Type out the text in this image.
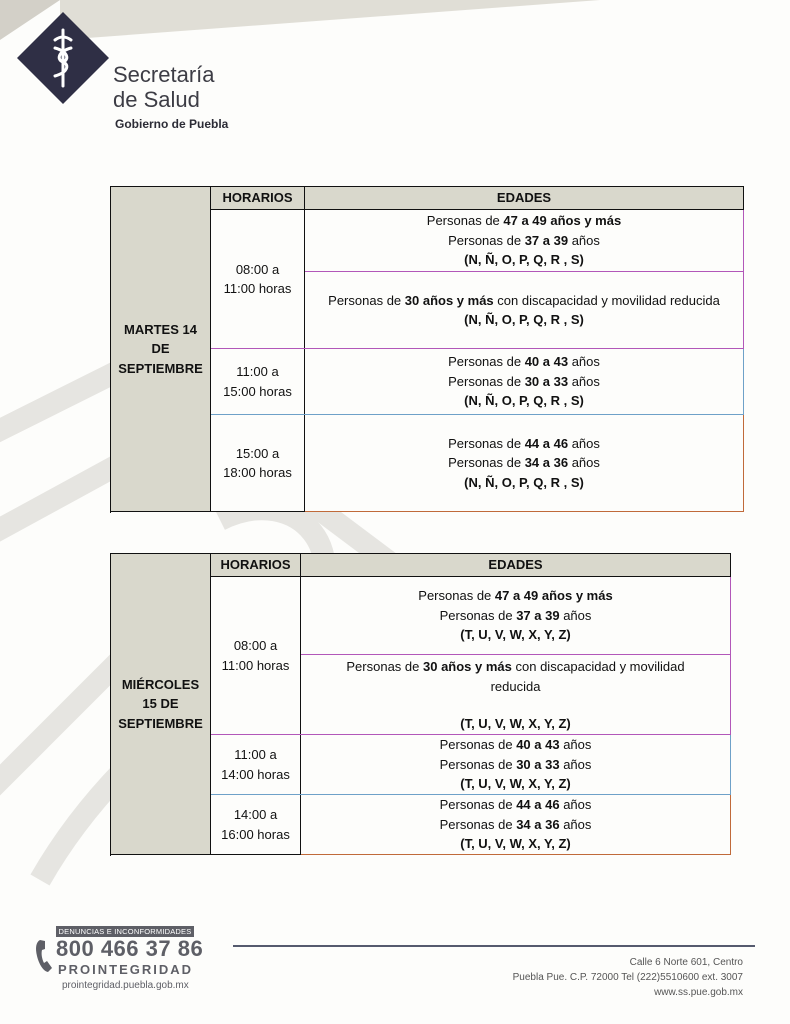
Secretaría
de Salud
Gobierno de Puebla
MARTES 14
DE
SEPTIEMBRE	HORARIOS	EDADES
	08:00 a
11:00 horas	Personas de 47 a 49 años y más
Personas de 37 a 39 años
(N, Ñ, O, P, Q, R , S)
		Personas de 30 años y más con discapacidad y movilidad reducida
(N, Ñ, O, P, Q, R , S)
	11:00 a
15:00 horas	Personas de 40 a 43 años
Personas de 30 a 33 años
(N, Ñ, O, P, Q, R , S)
	15:00 a
18:00 horas	Personas de 44 a 46 años
Personas de 34 a 36 años
(N, Ñ, O, P, Q, R , S)

MIÉRCOLES
15 DE
SEPTIEMBRE	HORARIOS	EDADES
	08:00 a
11:00 horas	Personas de 47 a 49 años y más
Personas de 37 a 39 años
(T, U, V, W, X, Y, Z)

		Personas de 30 años y más con discapacidad y movilidad reducida
(T, U, V, W, X, Y, Z)
	11:00 a
14:00 horas	Personas de 40 a 43 años
Personas de 30 a 33 años
(T, U, V, W, X, Y, Z)
	14:00 a
16:00 horas	Personas de 44 a 46 años
Personas de 34 a 36 años
(T, U, V, W, X, Y, Z)

DENUNCIAS E INCONFORMIDADES
800 466 37 86
PROINTEGRIDAD
prointegridad.puebla.gob.mx
Calle 6 Norte 601, Centro
Puebla Pue. C.P. 72000 Tel (222)5510600 ext. 3007
www.ss.pue.gob.mx
